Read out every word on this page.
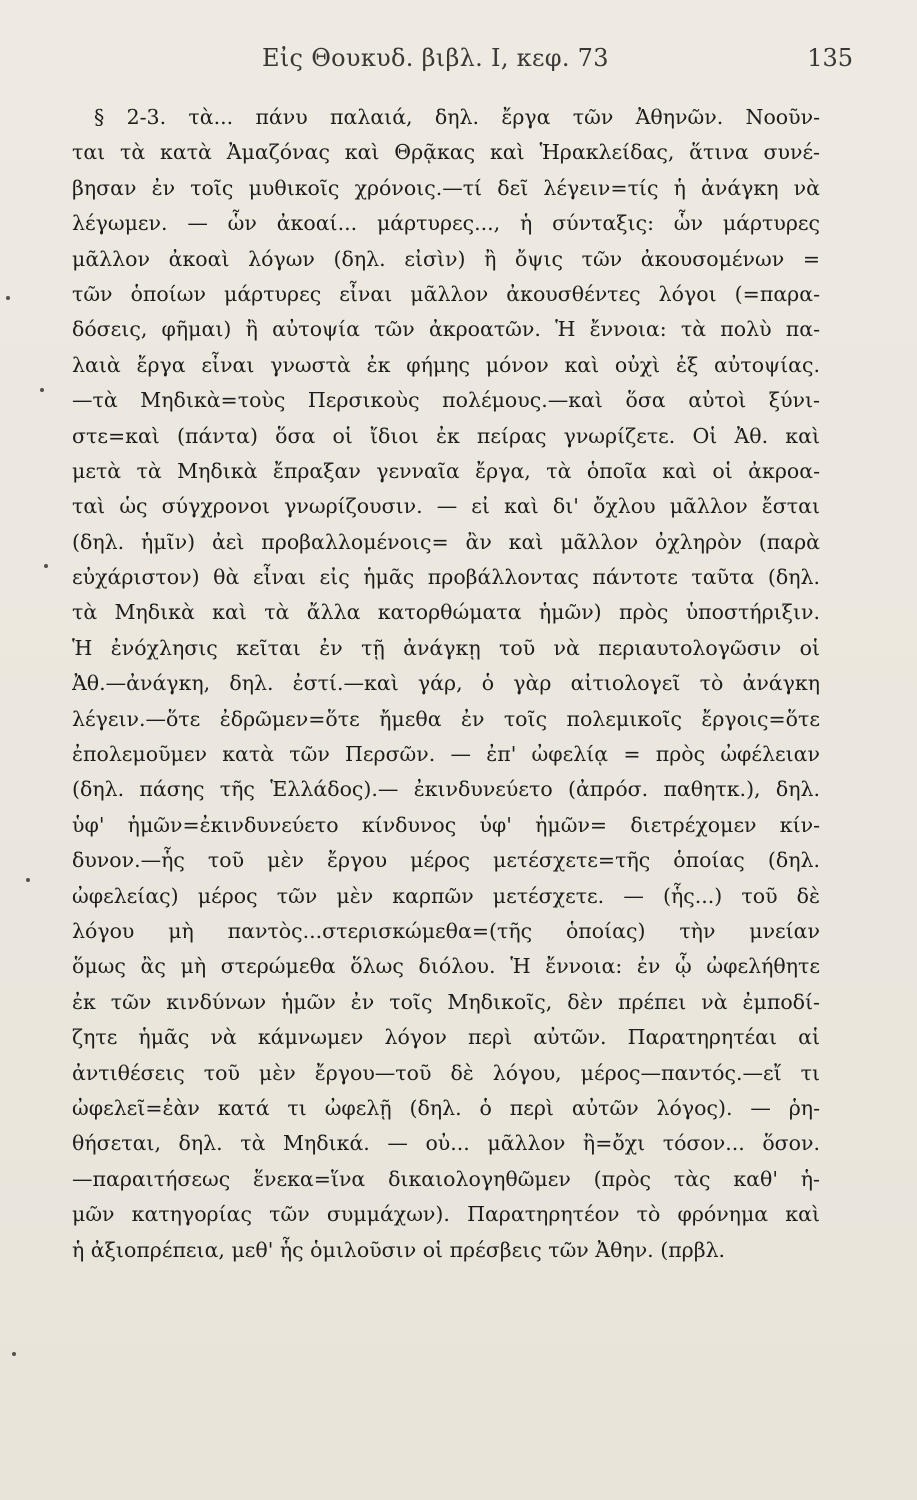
Εἰς Θουκυδ. βιβλ. I, κεφ. 73	135
§ 2-3. τὰ... πάνυ παλαιά, δηλ. ἔργα τῶν Ἀθηνῶν. Νοοῦν-
ται τὰ κατὰ Ἀμαζόνας καὶ Θρᾷκας καὶ Ἡρακλείδας, ἅτινα συνέ-
βησαν ἐν τοῖς μυθικοῖς χρόνοις.—τί δεῖ λέγειν=τίς ἡ ἀνάγκη νὰ
λέγωμεν. — ὧν ἀκοαί... μάρτυρες..., ἡ σύνταξις: ὧν μάρτυρες
μᾶλλον ἀκοαὶ λόγων (δηλ. εἰσὶν) ἢ ὄψις τῶν ἀκουσομένων =
τῶν ὁποίων μάρτυρες εἶναι μᾶλλον ἀκουσθέντες λόγοι (=παρα-
δόσεις, φῆμαι) ἢ αὐτοψία τῶν ἀκροατῶν. Ἡ ἔννοια: τὰ πολὺ πα-
λαιὰ ἔργα εἶναι γνωστὰ ἐκ φήμης μόνον καὶ οὐχὶ ἐξ αὐτοψίας.
—τὰ Μηδικὰ=τοὺς Περσικοὺς πολέμους.—καὶ ὅσα αὐτοὶ ξύνι-
στε=καὶ (πάντα) ὅσα οἱ ἴδιοι ἐκ πείρας γνωρίζετε. Οἱ Ἀθ. καὶ
μετὰ τὰ Μηδικὰ ἔπραξαν γενναῖα ἔργα, τὰ ὁποῖα καὶ οἱ ἀκροα-
ταὶ ὡς σύγχρονοι γνωρίζουσιν. — εἰ καὶ δι' ὄχλου μᾶλλον ἔσται
(δηλ. ἡμῖν) ἀεὶ προβαλλομένοις= ἂν καὶ μᾶλλον ὀχληρὸν (παρὰ
εὐχάριστον) θὰ εἶναι εἰς ἡμᾶς προβάλλοντας πάντοτε ταῦτα (δηλ.
τὰ Μηδικὰ καὶ τὰ ἄλλα κατορθώματα ἡμῶν) πρὸς ὑποστήριξιν.
Ἡ ἐνόχλησις κεῖται ἐν τῇ ἀνάγκῃ τοῦ νὰ περιαυτολογῶσιν οἱ
Ἀθ.—ἀνάγκη, δηλ. ἐστί.—καὶ γάρ, ὁ γὰρ αἰτιολογεῖ τὸ ἀνάγκη
λέγειν.—ὅτε ἐδρῶμεν=ὅτε ἤμεθα ἐν τοῖς πολεμικοῖς ἔργοις=ὅτε
ἐπολεμοῦμεν κατὰ τῶν Περσῶν. — ἐπ' ὠφελίᾳ = πρὸς ὠφέλειαν
(δηλ. πάσης τῆς Ἑλλάδος).— ἐκινδυνεύετο (ἀπρόσ. παθητκ.), δηλ.
ὑφ' ἡμῶν=ἐκινδυνεύετο κίνδυνος ὑφ' ἡμῶν= διετρέχομεν κίν-
δυνον.—ἧς τοῦ μὲν ἔργου μέρος μετέσχετε=τῆς ὁποίας (δηλ.
ὠφελείας) μέρος τῶν μὲν καρπῶν μετέσχετε. — (ἧς...) τοῦ δὲ
λόγου μὴ παντὸς...στερισκώμεθα=(τῆς ὁποίας) τὴν μνείαν
ὅμως ἂς μὴ στερώμεθα ὅλως διόλου. Ἡ ἔννοια: ἐν ᾧ ὠφελήθητε
ἐκ τῶν κινδύνων ἡμῶν ἐν τοῖς Μηδικοῖς, δὲν πρέπει νὰ ἐμποδί-
ζητε ἡμᾶς νὰ κάμνωμεν λόγον περὶ αὐτῶν. Παρατηρητέαι αἱ
ἀντιθέσεις τοῦ μὲν ἔργου—τοῦ δὲ λόγου, μέρος—παντός.—εἴ τι
ὠφελεῖ=ἐὰν κατά τι ὠφελῇ (δηλ. ὁ περὶ αὐτῶν λόγος). — ῥη-
θήσεται, δηλ. τὰ Μηδικά. — οὐ... μᾶλλον ἢ=ὄχι τόσον... ὅσον.
—παραιτήσεως ἕνεκα=ἵνα δικαιολογηθῶμεν (πρὸς τὰς καθ' ἡ-
μῶν κατηγορίας τῶν συμμάχων). Παρατηρητέον τὸ φρόνημα καὶ
ἡ ἀξιοπρέπεια, μεθ' ἧς ὁμιλοῦσιν οἱ πρέσβεις τῶν Ἀθην. (πρβλ.
